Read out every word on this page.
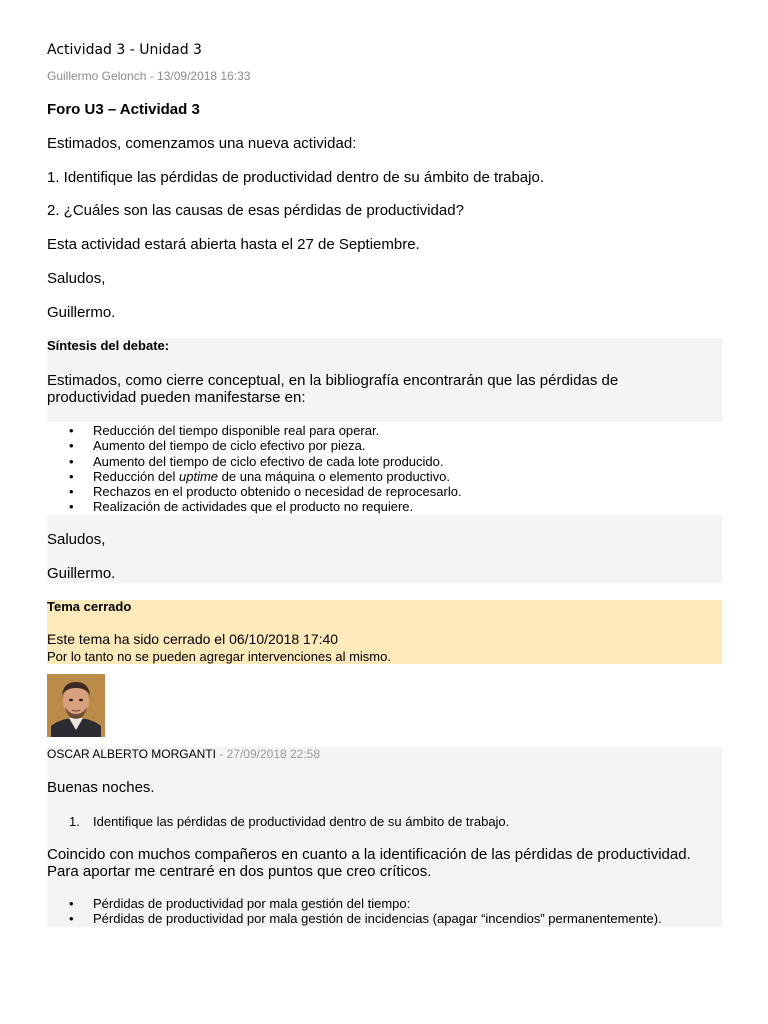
Actividad 3 - Unidad 3
Guillermo Gelonch - 13/09/2018 16:33
Foro U3 – Actividad 3
Estimados, comenzamos una nueva actividad:
1. Identifique las pérdidas de productividad dentro de su ámbito de trabajo.
2. ¿Cuáles son las causas de esas pérdidas de productividad?
Esta actividad estará abierta hasta el 27 de Septiembre.
Saludos,
Guillermo.
Síntesis del debate:
Estimados, como cierre conceptual, en la bibliografía encontrarán que las pérdidas de
productividad pueden manifestarse en:
• Reducción del tiempo disponible real para operar.
• Aumento del tiempo de ciclo efectivo por pieza.
• Aumento del tiempo de ciclo efectivo de cada lote producido.
• Reducción del uptime de una máquina o elemento productivo.
• Rechazos en el producto obtenido o necesidad de reprocesarlo.
• Realización de actividades que el producto no requiere.
Saludos,
Guillermo.
Tema cerrado
Este tema ha sido cerrado el 06/10/2018 17:40
Por lo tanto no se pueden agregar intervenciones al mismo.
OSCAR ALBERTO MORGANTI - 27/09/2018 22:58
Buenas noches.
1. Identifique las pérdidas de productividad dentro de su ámbito de trabajo.
Coincido con muchos compañeros en cuanto a la identificación de las pérdidas de productividad.
Para aportar me centraré en dos puntos que creo críticos.
• Pérdidas de productividad por mala gestión del tiempo:
• Pérdidas de productividad por mala gestión de incidencias (apagar “incendios” permanentemente).
